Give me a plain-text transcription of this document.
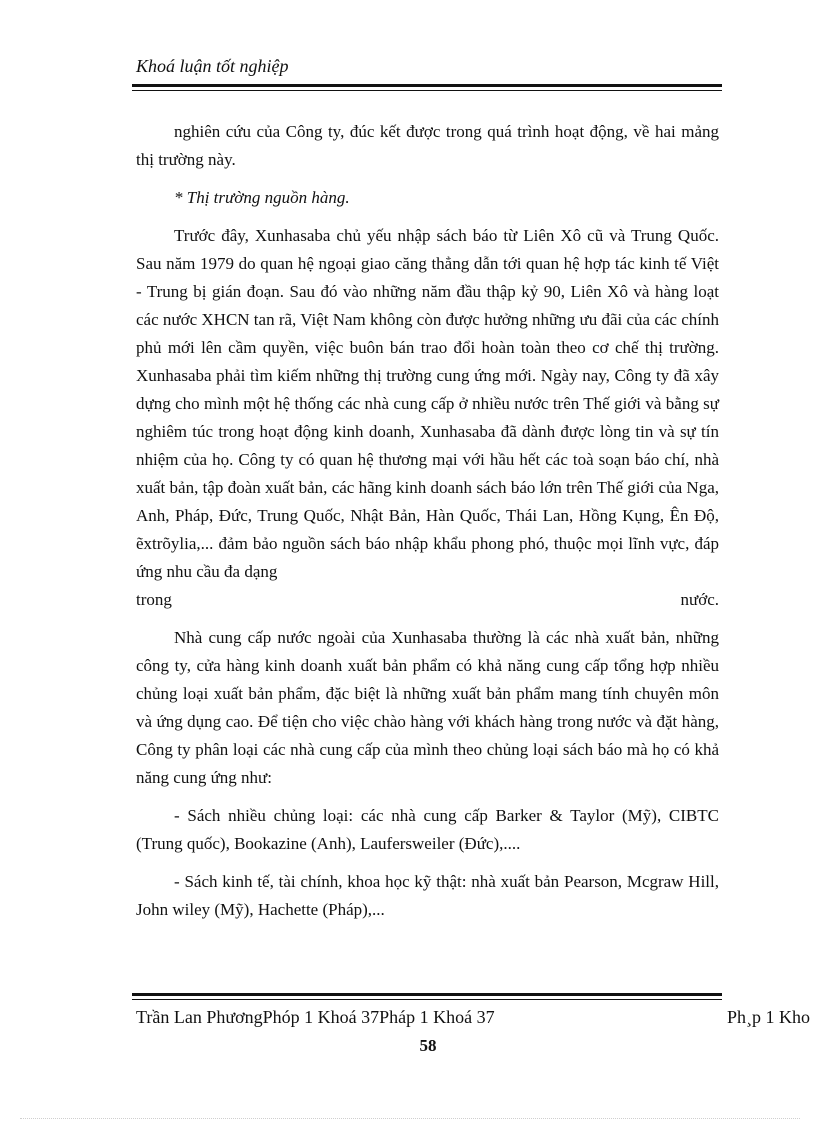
Khoá luận tốt nghiệp

nghiên cứu của Công ty, đúc kết được trong quá trình hoạt động, về hai mảng thị trường này.

* Thị trường nguồn hàng.

Trước đây, Xunhasaba chủ yếu nhập sách báo từ Liên Xô cũ và Trung Quốc. Sau năm 1979 do quan hệ ngoại giao căng thẳng dẫn tới quan hệ hợp tác kinh tế Việt - Trung bị gián đoạn. Sau đó vào những năm đầu thập kỷ 90, Liên Xô và hàng loạt các nước XHCN tan rã, Việt Nam không còn được hưởng những ưu đãi của các chính phủ mới lên cầm quyền, việc buôn bán trao đổi hoàn toàn theo cơ chế thị trường. Xunhasaba phải tìm kiếm những thị trường cung ứng mới. Ngày nay, Công ty đã xây dựng cho mình một hệ thống các nhà cung cấp ở nhiều nước trên Thế giới và bằng sự nghiêm túc trong hoạt động kinh doanh, Xunhasaba đã dành được lòng tin và sự tín nhiệm của họ. Công ty có quan hệ thương mại với hầu hết các toà soạn báo chí, nhà xuất bản, tập đoàn xuất bản, các hãng kinh doanh sách báo lớn trên Thế giới của Nga, Anh, Pháp, Đức, Trung Quốc, Nhật Bản, Hàn Quốc, Thái Lan, Hồng Kụng, Ên Độ, ẽxtrõylia,... đảm bảo nguồn sách báo nhập khẩu phong phó, thuộc mọi lĩnh vực, đáp ứng nhu cầu đa dạng

trong	nước.

Nhà cung cấp nước ngoài của Xunhasaba thường là các nhà xuất bản, những công ty, cửa hàng kinh doanh xuất bản phẩm có khả năng cung cấp tổng hợp nhiều chủng loại xuất bản phẩm, đặc biệt là những xuất bản phẩm mang tính chuyên môn và ứng dụng cao. Để tiện cho việc chào hàng với khách hàng trong nước và đặt hàng, Công ty phân loại các nhà cung cấp của mình theo chủng loại sách báo mà họ có khả năng cung ứng như:

- Sách nhiều chủng loại: các nhà cung cấp Barker & Taylor (Mỹ), CIBTC (Trung quốc), Bookazine (Anh), Laufersweiler (Đức),....

- Sách kinh tế, tài chính, khoa học kỹ thật: nhà xuất bản Pearson, Mcgraw Hill, John wiley (Mỹ), Hachette (Pháp),...

Trần Lan PhươngPhóp 1 Khoá 37Pháp 1 Khoá 37	Ph¸p 1 Kho
58
